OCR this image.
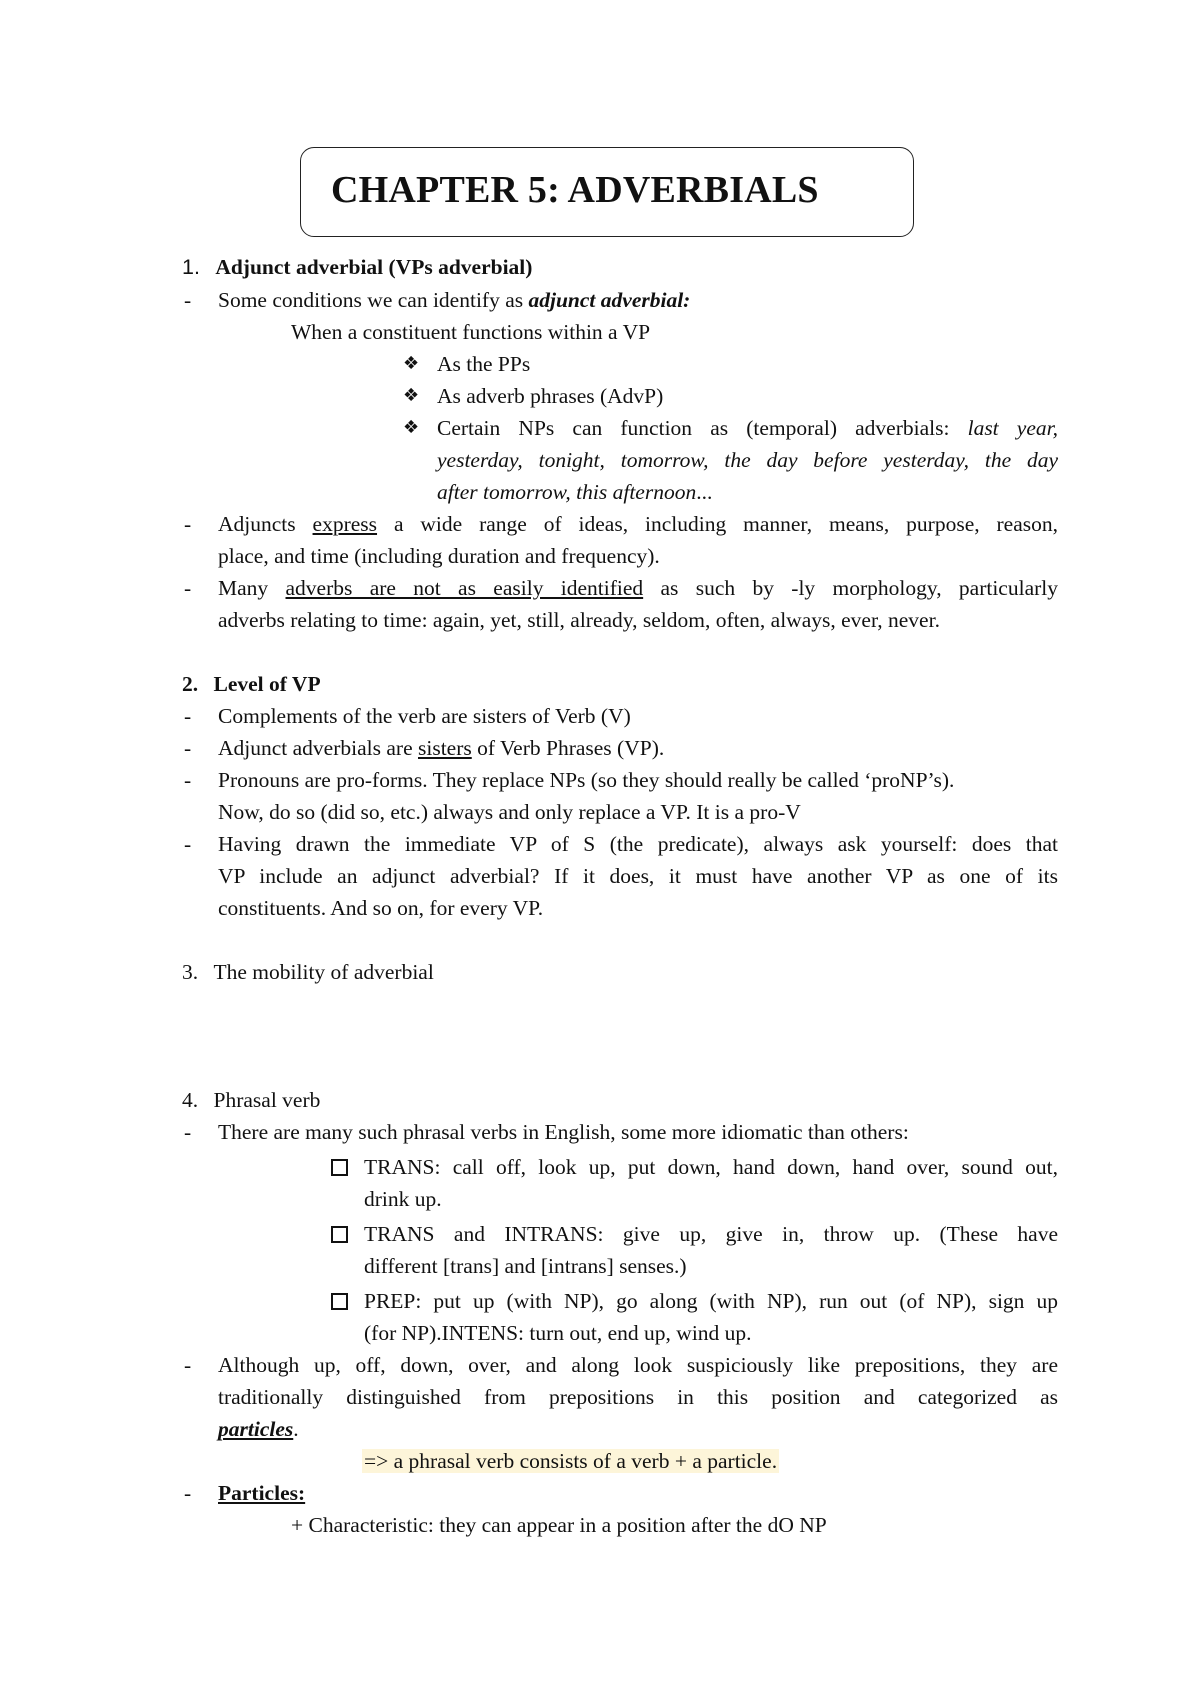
CHAPTER 5: ADVERBIALS
1. Adjunct adverbial (VPs adverbial)
- Some conditions we can identify as adjunct adverbial:
When a constituent functions within a VP
❖ As the PPs
❖ As adverb phrases (AdvP)
❖ Certain NPs can function as (temporal) adverbials: last year,
yesterday, tonight, tomorrow, the day before yesterday, the day
after tomorrow, this afternoon...
- Adjuncts express a wide range of ideas, including manner, means, purpose, reason,
place, and time (including duration and frequency).
- Many adverbs are not as easily identified as such by -ly morphology, particularly
adverbs relating to time: again, yet, still, already, seldom, often, always, ever, never.
2. Level of VP
- Complements of the verb are sisters of Verb (V)
- Adjunct adverbials are sisters of Verb Phrases (VP).
- Pronouns are pro-forms. They replace NPs (so they should really be called ‘proNP’s).
Now, do so (did so, etc.) always and only replace a VP. It is a pro-V
- Having drawn the immediate VP of S (the predicate), always ask yourself: does that
VP include an adjunct adverbial? If it does, it must have another VP as one of its
constituents. And so on, for every VP.
3. The mobility of adverbial
4. Phrasal verb
- There are many such phrasal verbs in English, some more idiomatic than others:
TRANS: call off, look up, put down, hand down, hand over, sound out,
drink up.
TRANS and INTRANS: give up, give in, throw up. (These have
different [trans] and [intrans] senses.)
PREP: put up (with NP), go along (with NP), run out (of NP), sign up
(for NP).INTENS: turn out, end up, wind up.
- Although up, off, down, over, and along look suspiciously like prepositions, they are
traditionally distinguished from prepositions in this position and categorized as
particles.
=> a phrasal verb consists of a verb + a particle.
- Particles:
+ Characteristic: they can appear in a position after the dO NP
